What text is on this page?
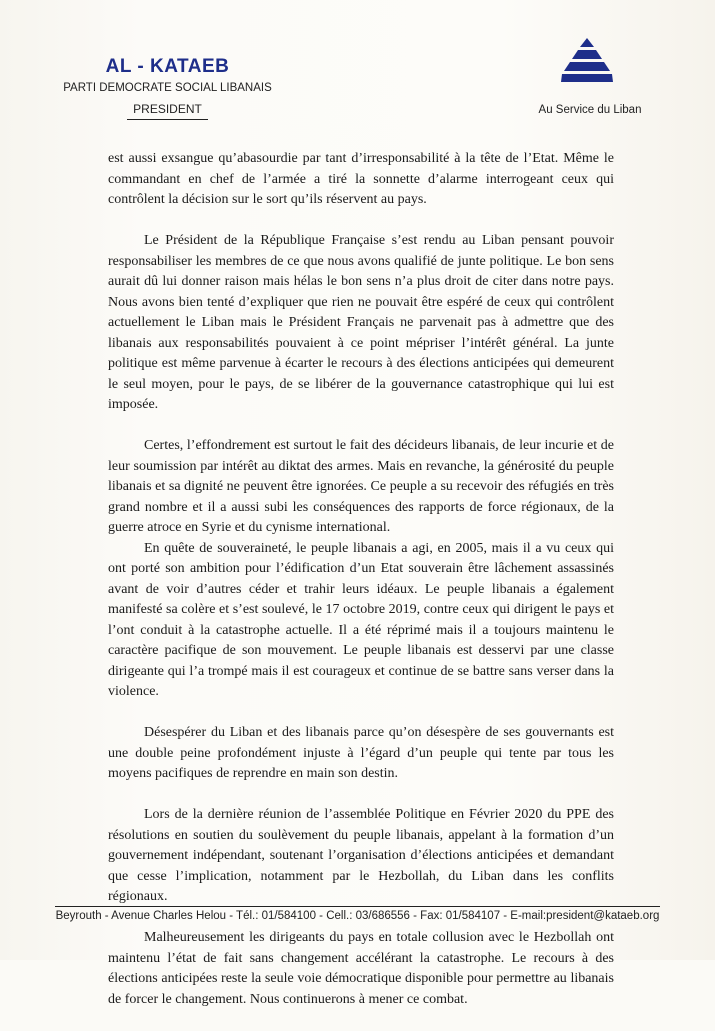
AL - KATAEB
PARTI DEMOCRATE SOCIAL LIBANAIS
PRESIDENT	Au Service du Liban

est aussi exsangue qu’abasourdie par tant d’irresponsabilité à la tête de l’Etat. Même le commandant en chef de l’armée a tiré la sonnette d’alarme interrogeant ceux qui contrôlent la décision sur le sort qu’ils réservent au pays.

Le Président de la République Française s’est rendu au Liban pensant pouvoir responsabiliser les membres de ce que nous avons qualifié de junte politique. Le bon sens aurait dû lui donner raison mais hélas le bon sens n’a plus droit de citer dans notre pays. Nous avons bien tenté d’expliquer que rien ne pouvait être espéré de ceux qui contrôlent actuellement le Liban mais le Président Français ne parvenait pas à admettre que des libanais aux responsabilités pouvaient à ce point mépriser l’intérêt général. La junte politique est même parvenue à écarter le recours à des élections anticipées qui demeurent le seul moyen, pour le pays, de se libérer de la gouvernance catastrophique qui lui est imposée.

Certes, l’effondrement est surtout le fait des décideurs libanais, de leur incurie et de leur soumission par intérêt au diktat des armes. Mais en revanche, la générosité du peuple libanais et sa dignité ne peuvent être ignorées. Ce peuple a su recevoir des réfugiés en très grand nombre et il a aussi subi les conséquences des rapports de force régionaux, de la guerre atroce en Syrie et du cynisme international.

En quête de souveraineté, le peuple libanais a agi, en 2005, mais il a vu ceux qui ont porté son ambition pour l’édification d’un Etat souverain être lâchement assassinés avant de voir d’autres céder et trahir leurs idéaux. Le peuple libanais a également manifesté sa colère et s’est soulevé, le 17 octobre 2019, contre ceux qui dirigent le pays et l’ont conduit à la catastrophe actuelle. Il a été réprimé mais il a toujours maintenu le caractère pacifique de son mouvement. Le peuple libanais est desservi par une classe dirigeante qui l’a trompé mais il est courageux et continue de se battre sans verser dans la violence.

Désespérer du Liban et des libanais parce qu’on désespère de ses gouvernants est une double peine profondément injuste à l’égard d’un peuple qui tente par tous les moyens pacifiques de reprendre en main son destin.

Lors de la dernière réunion de l’assemblée Politique en Février 2020 du PPE des résolutions en soutien du soulèvement du peuple libanais, appelant à la formation d’un gouvernement indépendant, soutenant l’organisation d’élections anticipées et demandant que cesse l’implication, notamment par le Hezbollah, du Liban dans les conflits régionaux.

Malheureusement les dirigeants du pays en totale collusion avec le Hezbollah ont maintenu l’état de fait sans changement accélérant la catastrophe. Le recours à des élections anticipées reste la seule voie démocratique disponible pour permettre au libanais de forcer le changement. Nous continuerons à mener ce combat.

Beyrouth - Avenue Charles Helou - Tél.: 01/584100 - Cell.: 03/686556 - Fax: 01/584107 - E-mail:president@kataeb.org
